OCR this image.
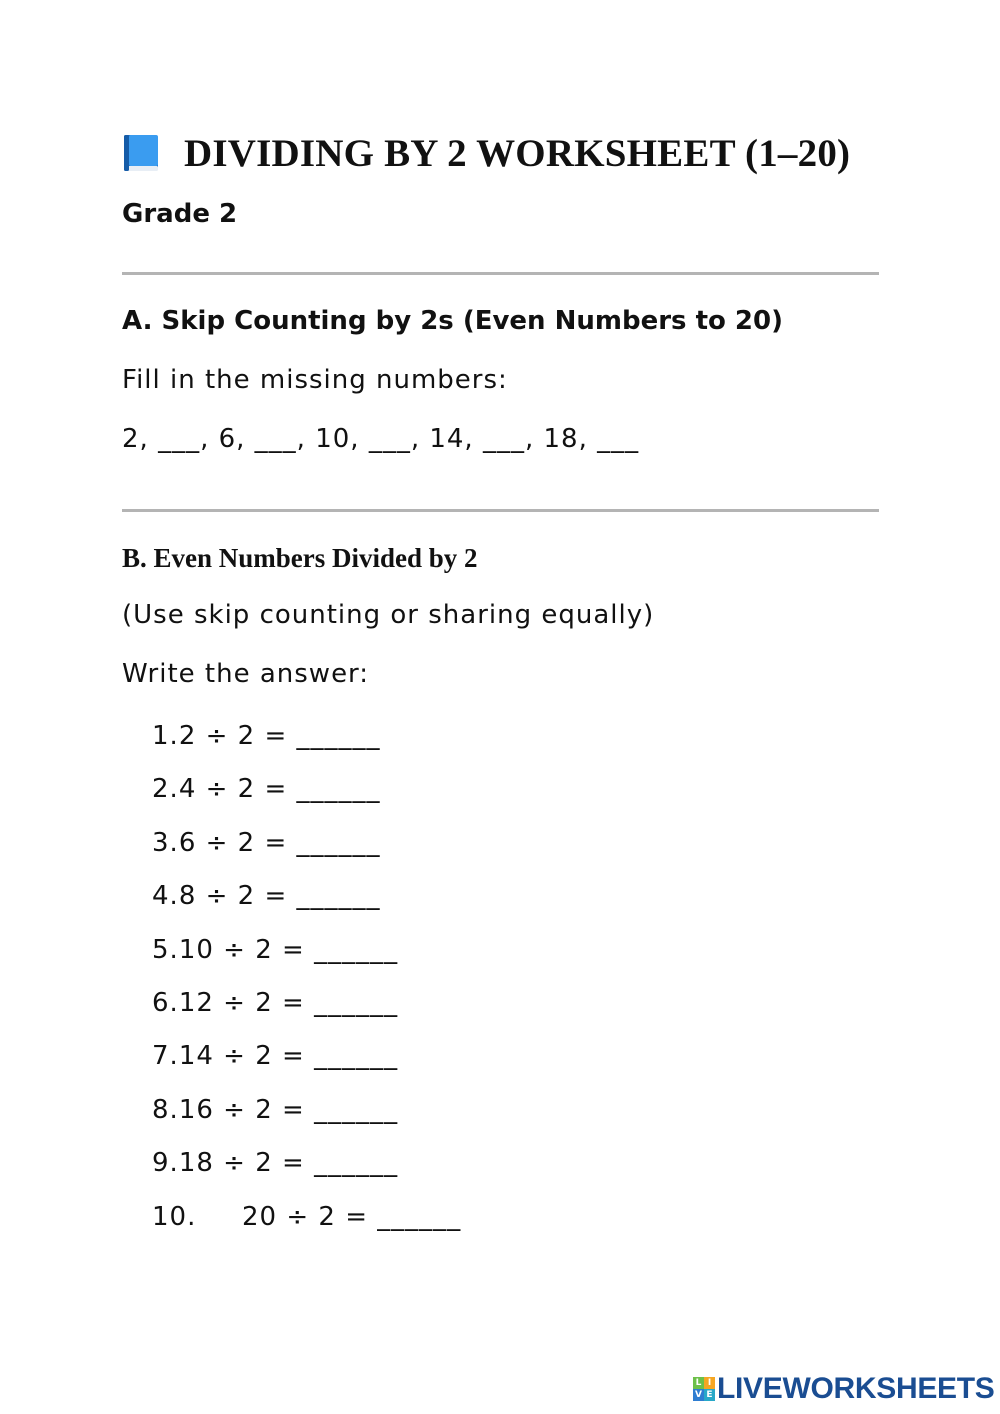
DIVIDING BY 2 WORKSHEET (1–20)
Grade 2
A. Skip Counting by 2s (Even Numbers to 20)
Fill in the missing numbers:
2, ___, 6, ___, 10, ___, 14, ___, 18, ___
B. Even Numbers Divided by 2
(Use skip counting or sharing equally)
Write the answer:
1.2 ÷ 2 = ______
2.4 ÷ 2 = ______
3.6 ÷ 2 = ______
4.8 ÷ 2 = ______
5.10 ÷ 2 = ______
6.12 ÷ 2 = ______
7.14 ÷ 2 = ______
8.16 ÷ 2 = ______
9.18 ÷ 2 = ______
10. 20 ÷ 2 = ______
L I
V E LIVEWORKSHEETS
